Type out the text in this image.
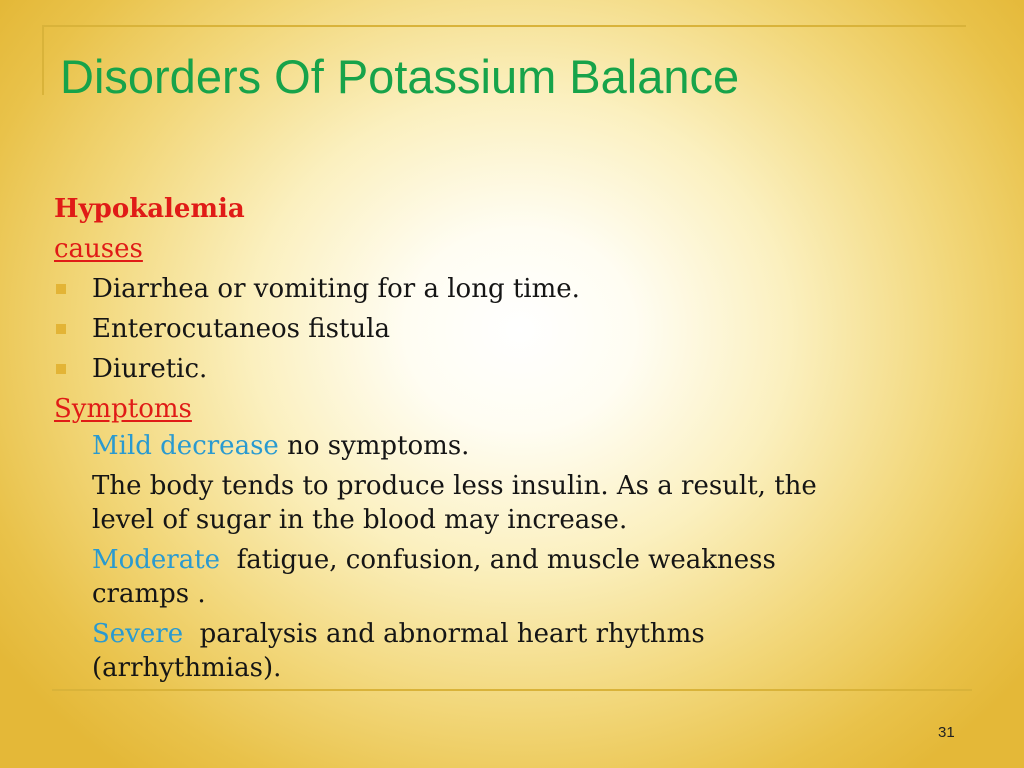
Disorders Of Potassium Balance
Hypokalemia
causes
Diarrhea or vomiting for a long time.
Enterocutaneos fistula
Diuretic.
Symptoms
Mild decrease no symptoms.
The body tends to produce less insulin. As a result, the
level of sugar in the blood may increase.
Moderate  fatigue, confusion, and muscle weakness
cramps .
Severe  paralysis and abnormal heart rhythms
(arrhythmias).
31
